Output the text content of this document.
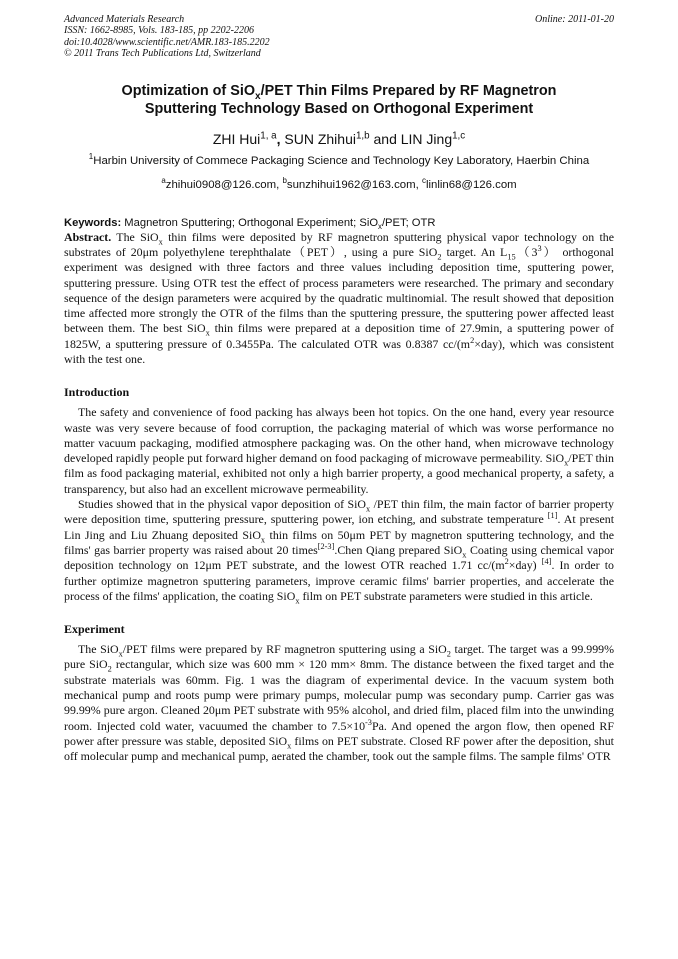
Advanced Materials Research
ISSN: 1662-8985, Vols. 183-185, pp 2202-2206
doi:10.4028/www.scientific.net/AMR.183-185.2202
© 2011 Trans Tech Publications Ltd, Switzerland
Online: 2011-01-20
Optimization of SiO$_x$/PET Thin Films Prepared by RF Magnetron
Sputtering Technology Based on Orthogonal Experiment
ZHI Hui$^{1, a}$, SUN Zhihui$^{1,b}$ and LIN Jing$^{1,c}$
$^1$Harbin University of Commece Packaging Science and Technology Key Laboratory, Haerbin China
$^a$zhihui0908@126.com, $^b$sunzhihui1962@163.com, $^c$linlin68@126.com
Keywords: Magnetron Sputtering; Orthogonal Experiment; SiO$_x$/PET; OTR

Abstract. The SiO$_x$ thin films were deposited by RF magnetron sputtering physical vapor technology on the substrates of 20μm polyethylene terephthalate（PET）, using a pure SiO$_2$ target. An $L_{15}(3^3)$ orthogonal experiment was designed with three factors and three values including deposition time, sputtering power, sputtering pressure. Using OTR test the effect of process parameters were researched. The primary and secondary sequence of the design parameters were acquired by the quadratic multinomial. The result showed that deposition time affected more strongly the OTR of the films than the sputtering pressure, the sputtering power affected least between them. The best SiO$_x$ thin films were prepared at a deposition time of 27.9min, a sputtering power of 1825W, a sputtering pressure of 0.3455Pa. The calculated OTR was 0.8387 $cc/(m^2\times day)$, which was consistent with the test one.

Introduction

The safety and convenience of food packing has always been hot topics. On the one hand, every year resource waste was very severe because of food corruption, the packaging material of which was worse performance no matter vacuum packaging, modified atmosphere packaging was. On the other hand, when microwave technology developed rapidly people put forward higher demand on food packaging of microwave permeability. SiO$_x$/PET thin film as food packaging material, exhibited not only a high barrier property, a good mechanical property, a safety, a transparency, but also had an excellent microwave permeability.

Studies showed that in the physical vapor deposition of SiO$_x$ /PET thin film, the main factor of barrier property were deposition time, sputtering pressure, sputtering power, ion etching, and substrate temperature [1]. At present Lin Jing and Liu Zhuang deposited SiO$_x$ thin films on 50μm PET by magnetron sputtering technology, and the films' gas barrier property was raised about 20 times[2-3].Chen Qiang prepared SiO$_x$ Coating using chemical vapor deposition technology on 12μm PET substrate, and the lowest OTR reached 1.71 $cc/(m^2\times day)$ [4]. In order to further optimize magnetron sputtering parameters, improve ceramic films' barrier properties, and accelerate the process of the films' application, the coating SiO$_x$ film on PET substrate parameters were studied in this article.

Experiment

The SiO$_x$/PET films were prepared by RF magnetron sputtering using a SiO$_2$ target. The target was a 99.999% pure SiO$_2$ rectangular, which size was 600 mm × 120 mm× 8mm. The distance between the fixed target and the substrate materials was 60mm. Fig. 1 was the diagram of experimental device. In the vacuum system both mechanical pump and roots pump were primary pumps, molecular pump was secondary pump. Carrier gas was 99.99% pure argon. Cleaned 20μm PET substrate with 95% alcohol, and dried film, placed film into the unwinding room. Injected cold water, vacuumed the chamber to $7.5\times 10^{-3}Pa$. And opened the argon flow, then opened RF power after pressure was stable, deposited SiO$_x$ films on PET substrate. Closed RF power after the deposition, shut off molecular pump and mechanical pump, aerated the chamber, took out the sample films. The sample films' OTR
